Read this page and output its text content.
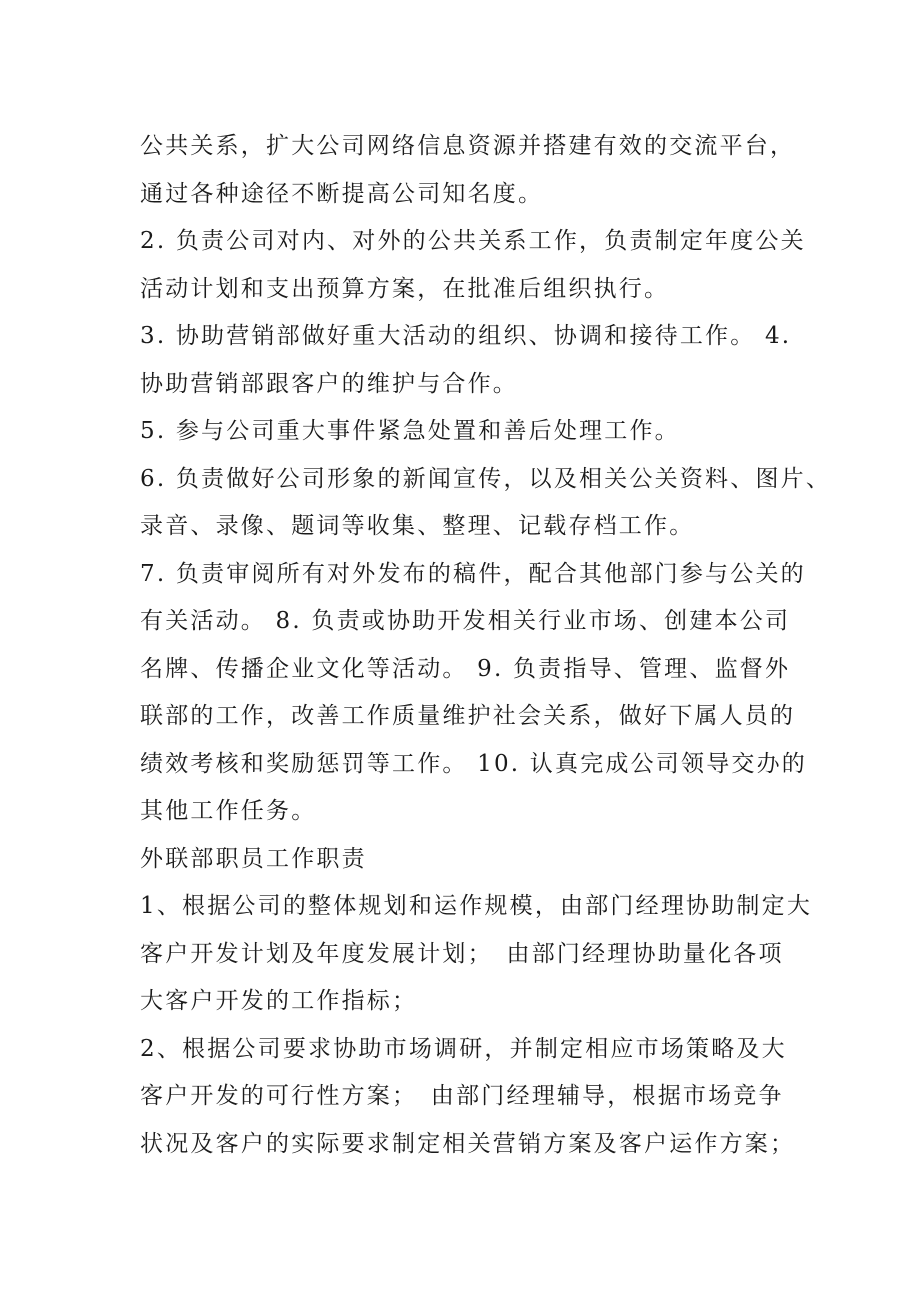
公共关系，扩大公司网络信息资源并搭建有效的交流平台，
通过各种途径不断提高公司知名度。
2. 负责公司对内、对外的公共关系工作，负责制定年度公关
活动计划和支出预算方案，在批准后组织执行。
3. 协助营销部做好重大活动的组织、协调和接待工作。 4.
协助营销部跟客户的维护与合作。
5. 参与公司重大事件紧急处置和善后处理工作。
6. 负责做好公司形象的新闻宣传，以及相关公关资料、图片、
录音、录像、题词等收集、整理、记载存档工作。
7. 负责审阅所有对外发布的稿件，配合其他部门参与公关的
有关活动。 8. 负责或协助开发相关行业市场、创建本公司
名牌、传播企业文化等活动。 9. 负责指导、管理、监督外
联部的工作，改善工作质量维护社会关系，做好下属人员的
绩效考核和奖励惩罚等工作。 10. 认真完成公司领导交办的
其他工作任务。
外联部职员工作职责
1、根据公司的整体规划和运作规模，由部门经理协助制定大
客户开发计划及年度发展计划；　由部门经理协助量化各项
大客户开发的工作指标；
2、根据公司要求协助市场调研，并制定相应市场策略及大
客户开发的可行性方案；　由部门经理辅导，根据市场竞争
状况及客户的实际要求制定相关营销方案及客户运作方案；
